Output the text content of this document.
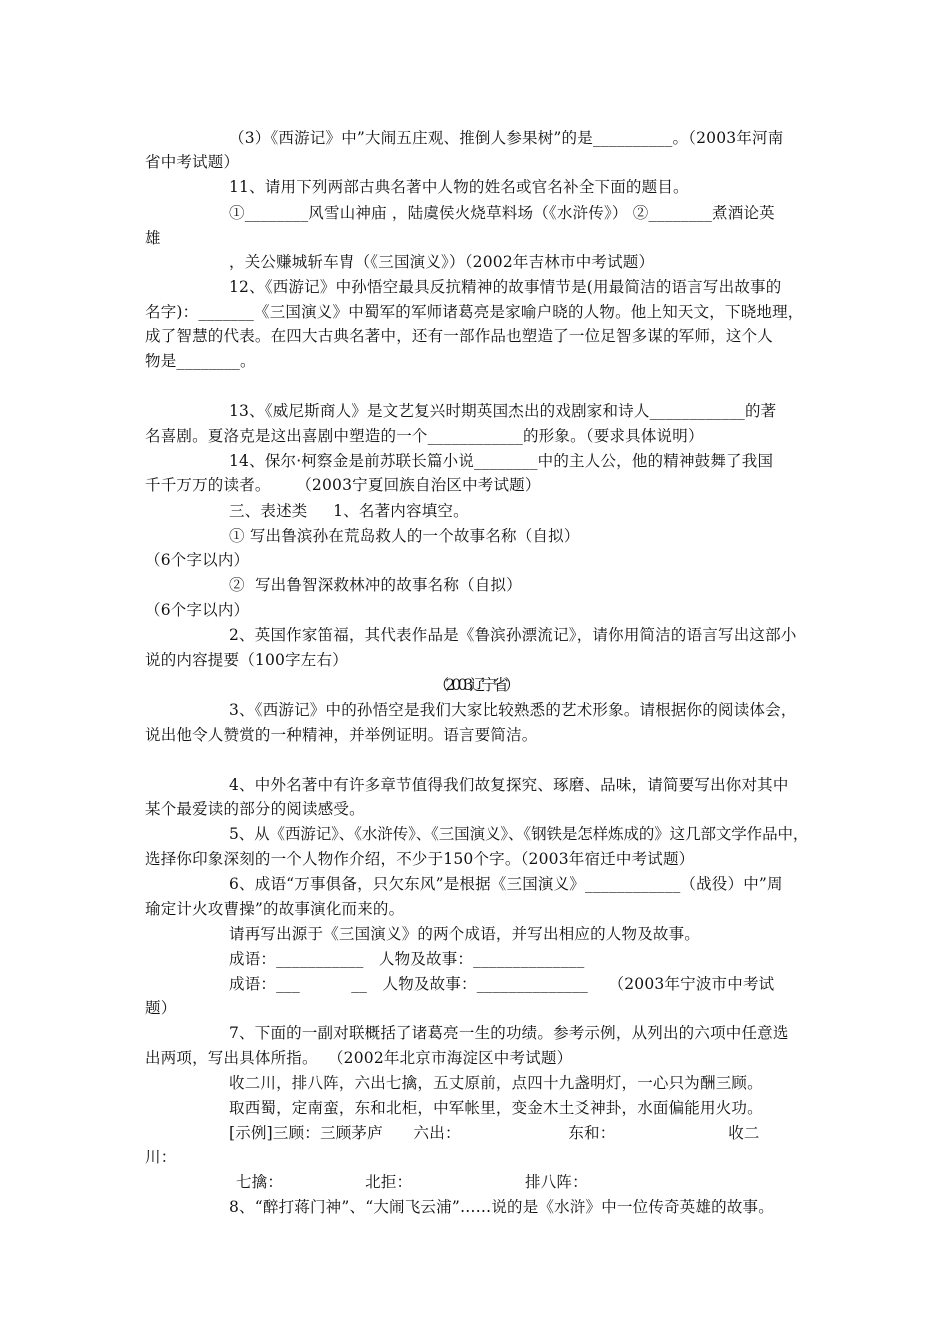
（3）《西游记》中”大闹五庄观、推倒人参果树”的是__________。（2003年河南
省中考试题）
11、请用下列两部古典名著中人物的姓名或官名补全下面的题目。
①________风雪山神庙 ，陆虞侯火烧草料场（《水浒传》） ②________煮酒论英
雄
，关公赚城斩车胄（《三国演义》）（2002年吉林市中考试题）
12、《西游记》中孙悟空最具反抗精神的故事情节是(用最简洁的语言写出故事的
名字)：_______《三国演义》中蜀军的军师诸葛亮是家喻户晓的人物。他上知天文，下晓地理，
成了智慧的代表。在四大古典名著中，还有一部作品也塑造了一位足智多谋的军师，这个人
物是________。
13、《威尼斯商人》是文艺复兴时期英国杰出的戏剧家和诗人____________的著
名喜剧。夏洛克是这出喜剧中塑造的一个____________的形象。（要求具体说明）
14、保尔·柯察金是前苏联长篇小说________中的主人公，他的精神鼓舞了我国
千千万万的读者。     （2003宁夏回族自治区中考试题）
三、表述类     1、名著内容填空。
① 写出鲁滨孙在荒岛救人的一个故事名称（自拟）
（6个字以内）
②  写出鲁智深救林冲的故事名称（自拟）
（6个字以内）
2、英国作家笛福，其代表作品是《鲁滨孙漂流记》，请你用简洁的语言写出这部小
说的内容提要（100字左右）
（2003辽宁省）
3、《西游记》中的孙悟空是我们大家比较熟悉的艺术形象。请根据你的阅读体会，
说出他令人赞赏的一种精神，并举例证明。语言要简洁。
4、中外名著中有许多章节值得我们故复探究、琢磨、品味，请简要写出你对其中
某个最爱读的部分的阅读感受。
5、从《西游记》、《水浒传》、《三国演义》、《钢铁是怎样炼成的》这几部文学作品中，
选择你印象深刻的一个人物作介绍，不少于150个字。（2003年宿迁中考试题）
6、成语“万事俱备，只欠东风”是根据《三国演义》____________（战役）中”周
瑜定计火攻曹操”的故事演化而来的。
请再写出源于《三国演义》的两个成语，并写出相应的人物及故事。
成语：___________   人物及故事：______________
成语：___          __   人物及故事：______________    （2003年宁波市中考试
题）
7、下面的一副对联概括了诸葛亮一生的功绩。参考示例，从列出的六项中任意选
出两项，写出具体所指。  （2002年北京市海淀区中考试题）
收二川，排八阵，六出七擒，五丈原前，点四十九盏明灯，一心只为酬三顾。
取西蜀，定南蛮，东和北柜，中军帐里，变金木土爻神卦，水面偏能用火功。
[示例]三顾：三顾茅庐      六出：                     东和：                      收二
川：
七擒：                北拒：                      排八阵：
8、“醉打蒋门神”、“大闹飞云浦”……说的是《水浒》中一位传奇英雄的故事。
